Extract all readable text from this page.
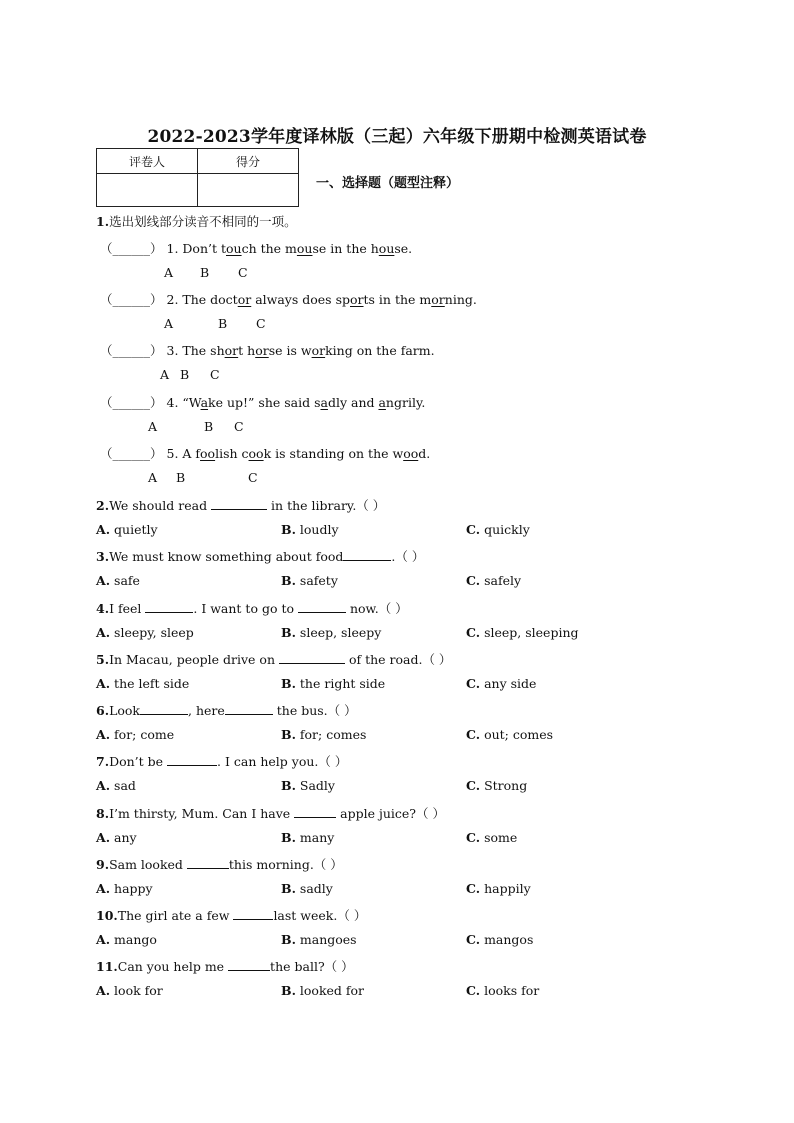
2022-2023学年度译林版（三起）六年级下册期中检测英语试卷
评卷人	得分

一、选择题（题型注释）
1.选出划线部分读音不相同的一项。
（______） 1. Don’t touch the mouse in the house.
A B C
（______） 2. The doctor always does sports in the morning.
A	B C
（______） 3. The short horse is working on the farm.
A B C
（______） 4. “Wake up!” she said sadly and angrily.
A	B C
（______） 5. A foolish cook is standing on the wood.
A B	C
2.We should read	in the library.（ ）
A. quietly	B. loudly	C. quickly
3.We must know something about food	.（ ）
A. safe	B. safety	C. safely
4.I feel	. I want to go to	now.（ ）
A. sleepy, sleep	B. sleep, sleepy	C. sleep, sleeping
5.In Macau, people drive on	of the road.（ ）
A. the left side	B. the right side	C. any side
6.Look	, here	the bus.（ ）
A. for; come	B. for; comes	C. out; comes
7.Don’t be	. I can help you.（ ）
A. sad	B. Sadly	C. Strong
8.I’m thirsty, Mum. Can I have	apple juice?（ ）
A. any	B. many	C. some
9.Sam looked	this morning.（ ）
A. happy	B. sadly	C. happily
10.The girl ate a few	last week.（ ）
A. mango	B. mangoes	C. mangos
11.Can you help me	the ball?（ ）
A. look for	B. looked for	C. looks for
